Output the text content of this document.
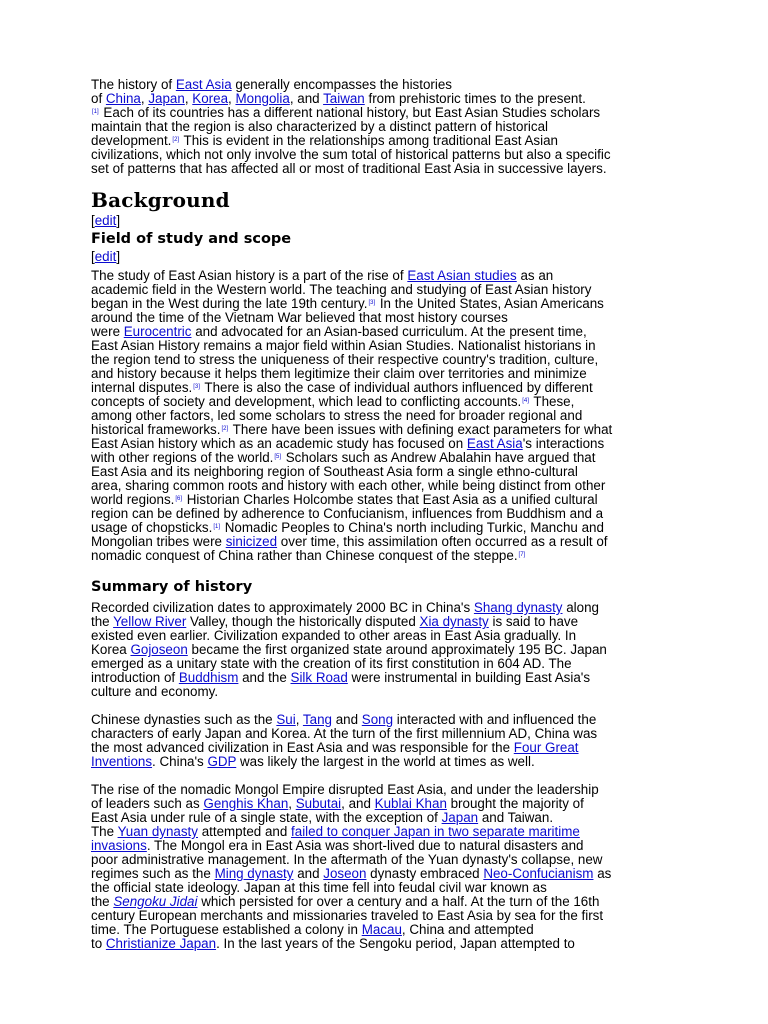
The history of East Asia generally encompasses the histories
of China, Japan, Korea, Mongolia, and Taiwan from prehistoric times to the present.
[1] Each of its countries has a different national history, but East Asian Studies scholars
maintain that the region is also characterized by a distinct pattern of historical
development.[2] This is evident in the relationships among traditional East Asian
civilizations, which not only involve the sum total of historical patterns but also a specific
set of patterns that has affected all or most of traditional East Asia in successive layers.

Background
[edit]
Field of study and scope
[edit]

The study of East Asian history is a part of the rise of East Asian studies as an
academic field in the Western world. The teaching and studying of East Asian history
began in the West during the late 19th century.[3] In the United States, Asian Americans
around the time of the Vietnam War believed that most history courses
were Eurocentric and advocated for an Asian-based curriculum. At the present time,
East Asian History remains a major field within Asian Studies. Nationalist historians in
the region tend to stress the uniqueness of their respective country's tradition, culture,
and history because it helps them legitimize their claim over territories and minimize
internal disputes.[3] There is also the case of individual authors influenced by different
concepts of society and development, which lead to conflicting accounts.[4] These,
among other factors, led some scholars to stress the need for broader regional and
historical frameworks.[2] There have been issues with defining exact parameters for what
East Asian history which as an academic study has focused on East Asia's interactions
with other regions of the world.[5] Scholars such as Andrew Abalahin have argued that
East Asia and its neighboring region of Southeast Asia form a single ethno-cultural
area, sharing common roots and history with each other, while being distinct from other
world regions.[6] Historian Charles Holcombe states that East Asia as a unified cultural
region can be defined by adherence to Confucianism, influences from Buddhism and a
usage of chopsticks.[1] Nomadic Peoples to China's north including Turkic, Manchu and
Mongolian tribes were sinicized over time, this assimilation often occurred as a result of
nomadic conquest of China rather than Chinese conquest of the steppe.[7]

Summary of history

Recorded civilization dates to approximately 2000 BC in China's Shang dynasty along
the Yellow River Valley, though the historically disputed Xia dynasty is said to have
existed even earlier. Civilization expanded to other areas in East Asia gradually. In
Korea Gojoseon became the first organized state around approximately 195 BC. Japan
emerged as a unitary state with the creation of its first constitution in 604 AD. The
introduction of Buddhism and the Silk Road were instrumental in building East Asia's
culture and economy.

Chinese dynasties such as the Sui, Tang and Song interacted with and influenced the
characters of early Japan and Korea. At the turn of the first millennium AD, China was
the most advanced civilization in East Asia and was responsible for the Four Great
Inventions. China's GDP was likely the largest in the world at times as well.

The rise of the nomadic Mongol Empire disrupted East Asia, and under the leadership
of leaders such as Genghis Khan, Subutai, and Kublai Khan brought the majority of
East Asia under rule of a single state, with the exception of Japan and Taiwan.
The Yuan dynasty attempted and failed to conquer Japan in two separate maritime
invasions. The Mongol era in East Asia was short-lived due to natural disasters and
poor administrative management. In the aftermath of the Yuan dynasty's collapse, new
regimes such as the Ming dynasty and Joseon dynasty embraced Neo-Confucianism as
the official state ideology. Japan at this time fell into feudal civil war known as
the Sengoku Jidai which persisted for over a century and a half. At the turn of the 16th
century European merchants and missionaries traveled to East Asia by sea for the first
time. The Portuguese established a colony in Macau, China and attempted
to Christianize Japan. In the last years of the Sengoku period, Japan attempted to
